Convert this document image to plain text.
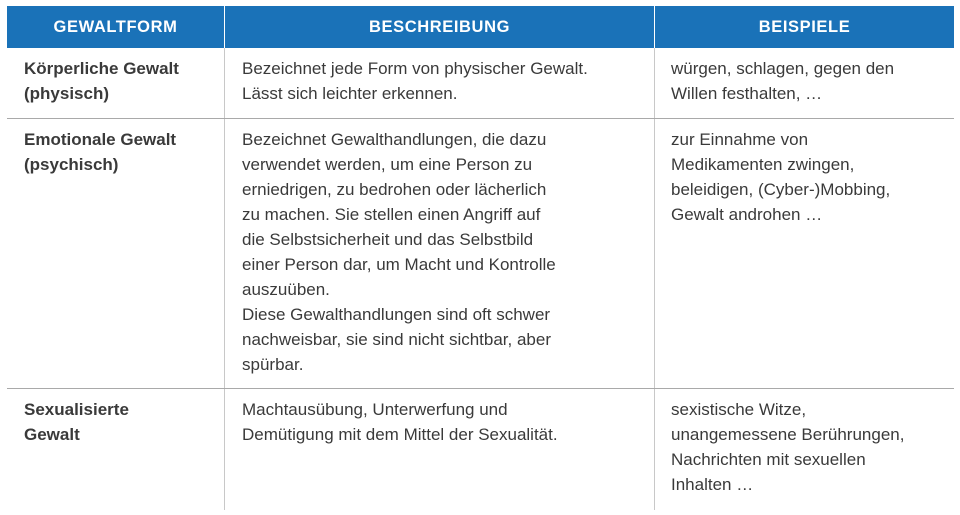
GEWALTFORM	BESCHREIBUNG	BEISPIELE
Körperliche Gewalt
(physisch)
Bezeichnet jede Form von physischer Gewalt.
Lässt sich leichter erkennen.
würgen, schlagen, gegen den
Willen festhalten, …
Emotionale Gewalt
(psychisch)
Bezeichnet Gewalthandlungen, die dazu
verwendet werden, um eine Person zu
erniedrigen, zu bedrohen oder lächerlich
zu machen. Sie stellen einen Angriff auf
die Selbstsicherheit und das Selbstbild
einer Person dar, um Macht und Kontrolle
auszuüben.
Diese Gewalthandlungen sind oft schwer
nachweisbar, sie sind nicht sichtbar, aber
spürbar.
zur Einnahme von
Medikamenten zwingen,
beleidigen, (Cyber-)Mobbing,
Gewalt androhen …
Sexualisierte
Gewalt
Machtausübung, Unterwerfung und
Demütigung mit dem Mittel der Sexualität.
sexistische Witze,
unangemessene Berührungen,
Nachrichten mit sexuellen
Inhalten …
